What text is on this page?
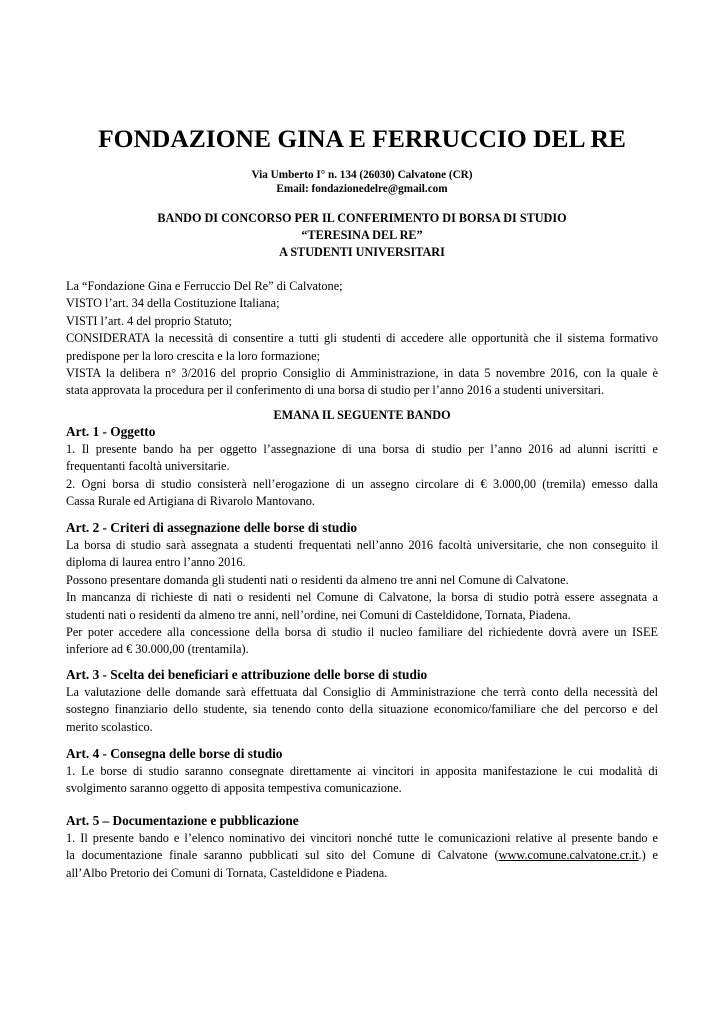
FONDAZIONE GINA E FERRUCCIO DEL RE
Via Umberto I° n. 134 (26030) Calvatone (CR)
Email: fondazionedelre@gmail.com
BANDO DI CONCORSO PER IL CONFERIMENTO DI BORSA DI STUDIO
“TERESINA DEL RE”
A STUDENTI UNIVERSITARI
La “Fondazione Gina e Ferruccio Del Re” di Calvatone;
VISTO l’art. 34 della Costituzione Italiana;
VISTI l’art. 4 del proprio Statuto;
CONSIDERATA la necessità di consentire a tutti gli studenti di accedere alle opportunità che il sistema formativo
predispone per la loro crescita e la loro formazione;
VISTA la delibera n° 3/2016 del proprio Consiglio di Amministrazione, in data 5 novembre 2016, con la quale è
stata approvata la procedura per il conferimento di una borsa di studio per l’anno 2016 a studenti universitari.
EMANA IL SEGUENTE BANDO
Art. 1 - Oggetto
1. Il presente bando ha per oggetto l’assegnazione di una borsa di studio per l’anno 2016 ad alunni iscritti e
frequentanti facoltà universitarie.
2. Ogni borsa di studio consisterà nell’erogazione di un assegno circolare di € 3.000,00 (tremila) emesso dalla
Cassa Rurale ed Artigiana di Rivarolo Mantovano.
Art. 2 - Criteri di assegnazione delle borse di studio
La borsa di studio sarà assegnata a studenti frequentati nell’anno 2016 facoltà universitarie, che non conseguito il
diploma di laurea entro l’anno 2016.
Possono presentare domanda gli studenti nati o residenti da almeno tre anni nel Comune di Calvatone.
In mancanza di richieste di nati o residenti nel Comune di Calvatone, la borsa di studio potrà essere assegnata a
studenti nati o residenti da almeno tre anni, nell’ordine, nei Comuni di Casteldidone, Tornata, Piadena.
Per poter accedere alla concessione della borsa di studio il nucleo familiare del richiedente dovrà avere un ISEE
inferiore ad € 30.000,00 (trentamila).
Art. 3 - Scelta dei beneficiari e attribuzione delle borse di studio
La valutazione delle domande sarà effettuata dal Consiglio di Amministrazione che terrà conto della necessità del
sostegno finanziario dello studente, sia tenendo conto della situazione economico/familiare che del percorso e del
merito scolastico.
Art. 4 - Consegna delle borse di studio
1. Le borse di studio saranno consegnate direttamente ai vincitori in apposita manifestazione le cui modalità di
svolgimento saranno oggetto di apposita tempestiva comunicazione.
Art. 5 – Documentazione e pubblicazione
1. Il presente bando e l’elenco nominativo dei vincitori nonché tutte le comunicazioni relative al presente bando e
la documentazione finale saranno pubblicati sul sito del Comune di Calvatone (www.comune.calvatone.cr.it.) e
all’Albo Pretorio dei Comuni di Tornata, Casteldidone e Piadena.
